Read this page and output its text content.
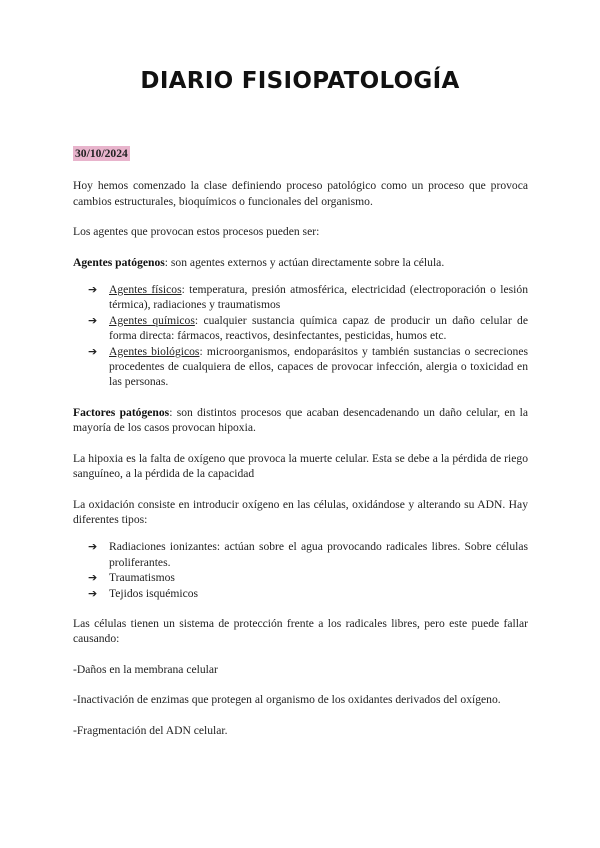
DIARIO FISIOPATOLOGÍA
30/10/2024

Hoy hemos comenzado la clase definiendo proceso patológico como un proceso que provoca cambios estructurales, bioquímicos o funcionales del organismo.

Los agentes que provocan estos procesos pueden ser:

Agentes patógenos: son agentes externos y actúan directamente sobre la célula.

➔ Agentes físicos: temperatura, presión atmosférica, electricidad (electroporación o lesión térmica), radiaciones y traumatismos
➔ Agentes químicos: cualquier sustancia química capaz de producir un daño celular de forma directa: fármacos, reactivos, desinfectantes, pesticidas, humos etc.
➔ Agentes biológicos: microorganismos, endoparásitos y también sustancias o secreciones procedentes de cualquiera de ellos, capaces de provocar infección, alergia o toxicidad en las personas.

Factores patógenos: son distintos procesos que acaban desencadenando un daño celular, en la mayoría de los casos provocan hipoxia.

La hipoxia es la falta de oxígeno que provoca la muerte celular. Esta se debe a la pérdida de riego sanguíneo, a la pérdida de la capacidad

La oxidación consiste en introducir oxígeno en las células, oxidándose y alterando su ADN. Hay diferentes tipos:

➔ Radiaciones ionizantes: actúan sobre el agua provocando radicales libres. Sobre células proliferantes.
➔ Traumatismos
➔ Tejidos isquémicos

Las células tienen un sistema de protección frente a los radicales libres, pero este puede fallar causando:

-Daños en la membrana celular

-Inactivación de enzimas que protegen al organismo de los oxidantes derivados del oxígeno.

-Fragmentación del ADN celular.
